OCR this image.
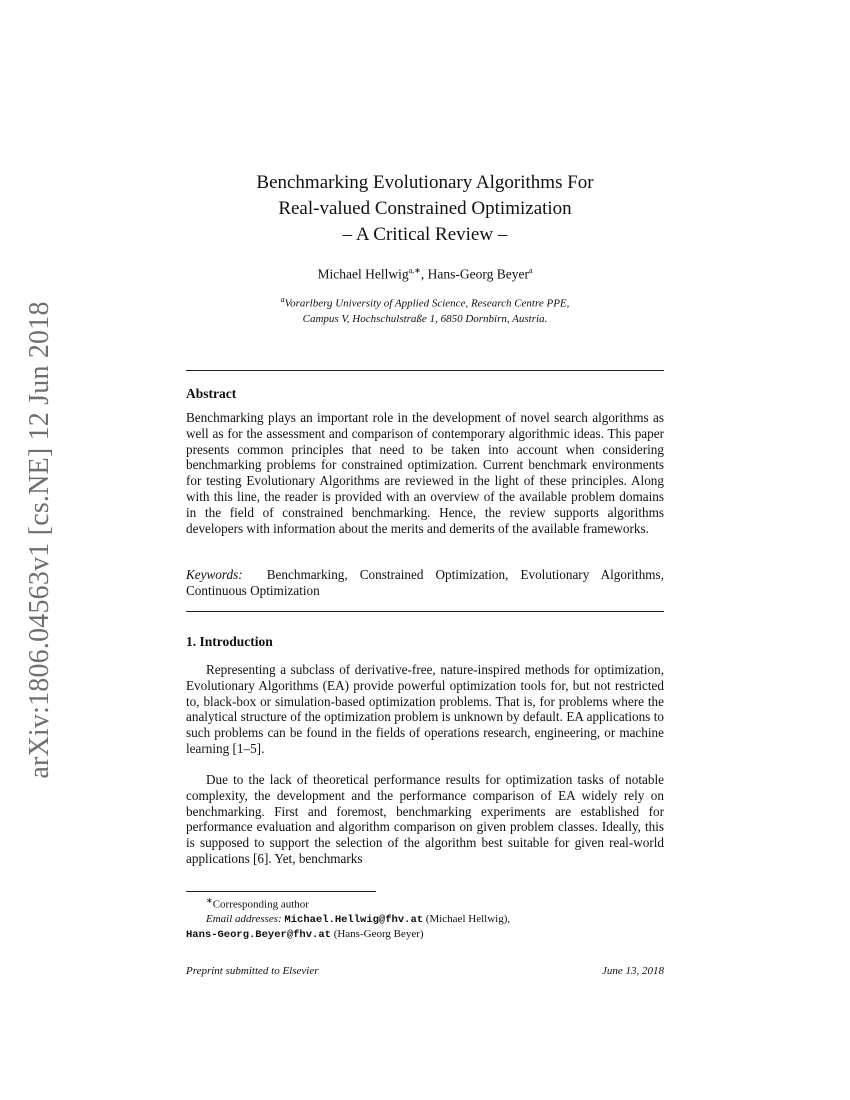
arXiv:1806.04563v1 [cs.NE] 12 Jun 2018
Benchmarking Evolutionary Algorithms For
Real-valued Constrained Optimization
– A Critical Review –
Michael Hellwig$^{a,∗}$, Hans-Georg Beyer$^a$
$^a$Vorarlberg University of Applied Science, Research Centre PPE,
Campus V, Hochschulstraße 1, 6850 Dornbirn, Austria.
Abstract

Benchmarking plays an important role in the development of novel search algorithms as well as for the assessment and comparison of contemporary algorithmic ideas. This paper presents common principles that need to be taken into account when considering benchmarking problems for constrained optimization. Current benchmark environments for testing Evolutionary Algorithms are reviewed in the light of these principles. Along with this line, the reader is provided with an overview of the available problem domains in the field of constrained benchmarking. Hence, the review supports algorithms developers with information about the merits and demerits of the available frameworks.

Keywords: Benchmarking, Constrained Optimization, Evolutionary Algorithms, Continuous Optimization

1. Introduction

Representing a subclass of derivative-free, nature-inspired methods for optimization, Evolutionary Algorithms (EA) provide powerful optimization tools for, but not restricted to, black-box or simulation-based optimization problems. That is, for problems where the analytical structure of the optimization problem is unknown by default. EA applications to such problems can be found in the fields of operations research, engineering, or machine learning [1–5].

Due to the lack of theoretical performance results for optimization tasks of notable complexity, the development and the performance comparison of EA widely rely on benchmarking. First and foremost, benchmarking experiments are established for performance evaluation and algorithm comparison on given problem classes. Ideally, this is supposed to support the selection of the algorithm best suitable for given real-world applications [6]. Yet, benchmarks

∗Corresponding author
Email addresses: Michael.Hellwig@fhv.at (Michael Hellwig),
Hans-Georg.Beyer@fhv.at (Hans-Georg Beyer)
Preprint submitted to Elsevier	June 13, 2018
